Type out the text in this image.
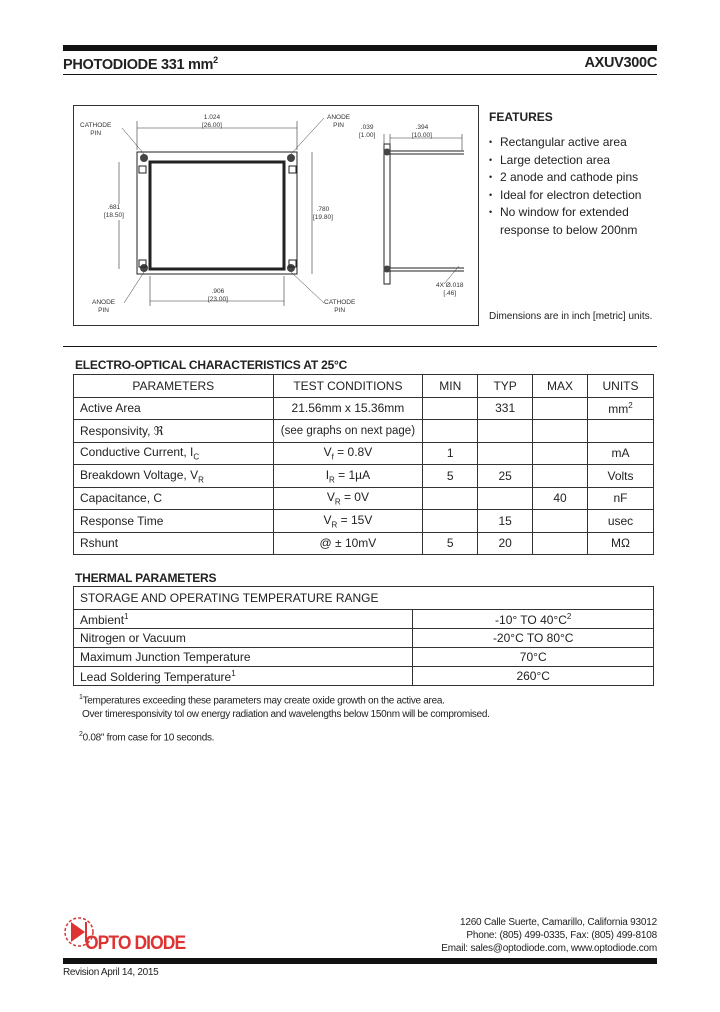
PHOTODIODE 331 $mm^2$	AXUV300C
CATHODE
PIN
ANODE
PIN
1.024
[26.00]
.681
[18.50]
.780
[19.80]
.906
[23.00]
ANODE
PIN
CATHODE
PIN
.039
[1.00]
.394
[10.00]
4X Ø.018
[.46]
FEATURES
• Rectangular active area
• Large detection area
• 2 anode and cathode pins
• Ideal for electron detection
• No window for extended
response to below 200nm
Dimensions are in inch [metric] units.
ELECTRO-OPTICAL CHARACTERISTICS AT 25°C
PARAMETERS	TEST CONDITIONS	MIN	TYP	MAX	UNITS
Active Area	21.56mm x 15.36mm		331		$mm^2$
Responsivity, ℜ	(see graphs on next page)				
Conductive Current, $I_C$	$V_f = 0.8V$	1			mA
Breakdown Voltage, $V_R$	$I_R = 1\mu A$	5	25		Volts
Capacitance, C	$V_R = 0V$			40	nF
Response Time	$V_R = 15V$		15		usec
Rshunt	@ ± 10mV	5	20		MΩ
THERMAL PARAMETERS
STORAGE AND OPERATING TEMPERATURE RANGE	
Ambient$^1$	-10° TO $40^\circ C^2$
Nitrogen or Vacuum	-20°C TO 80°C
Maximum Junction Temperature	70°C
Lead Soldering Temperature$^1$	260°C
$^1$Temperatures exceeding these parameters may create oxide growth on the active area.
Over timeresponsivity tol ow energy radiation and wavelengths below 150nm will be compromised.
$^2$0.08" from case for 10 seconds.
OPTO DIODE
1260 Calle Suerte, Camarillo, California 93012
Phone: (805) 499-0335, Fax: (805) 499-8108
Email: sales@optodiode.com, www.optodiode.com
Revision April 14, 2015
